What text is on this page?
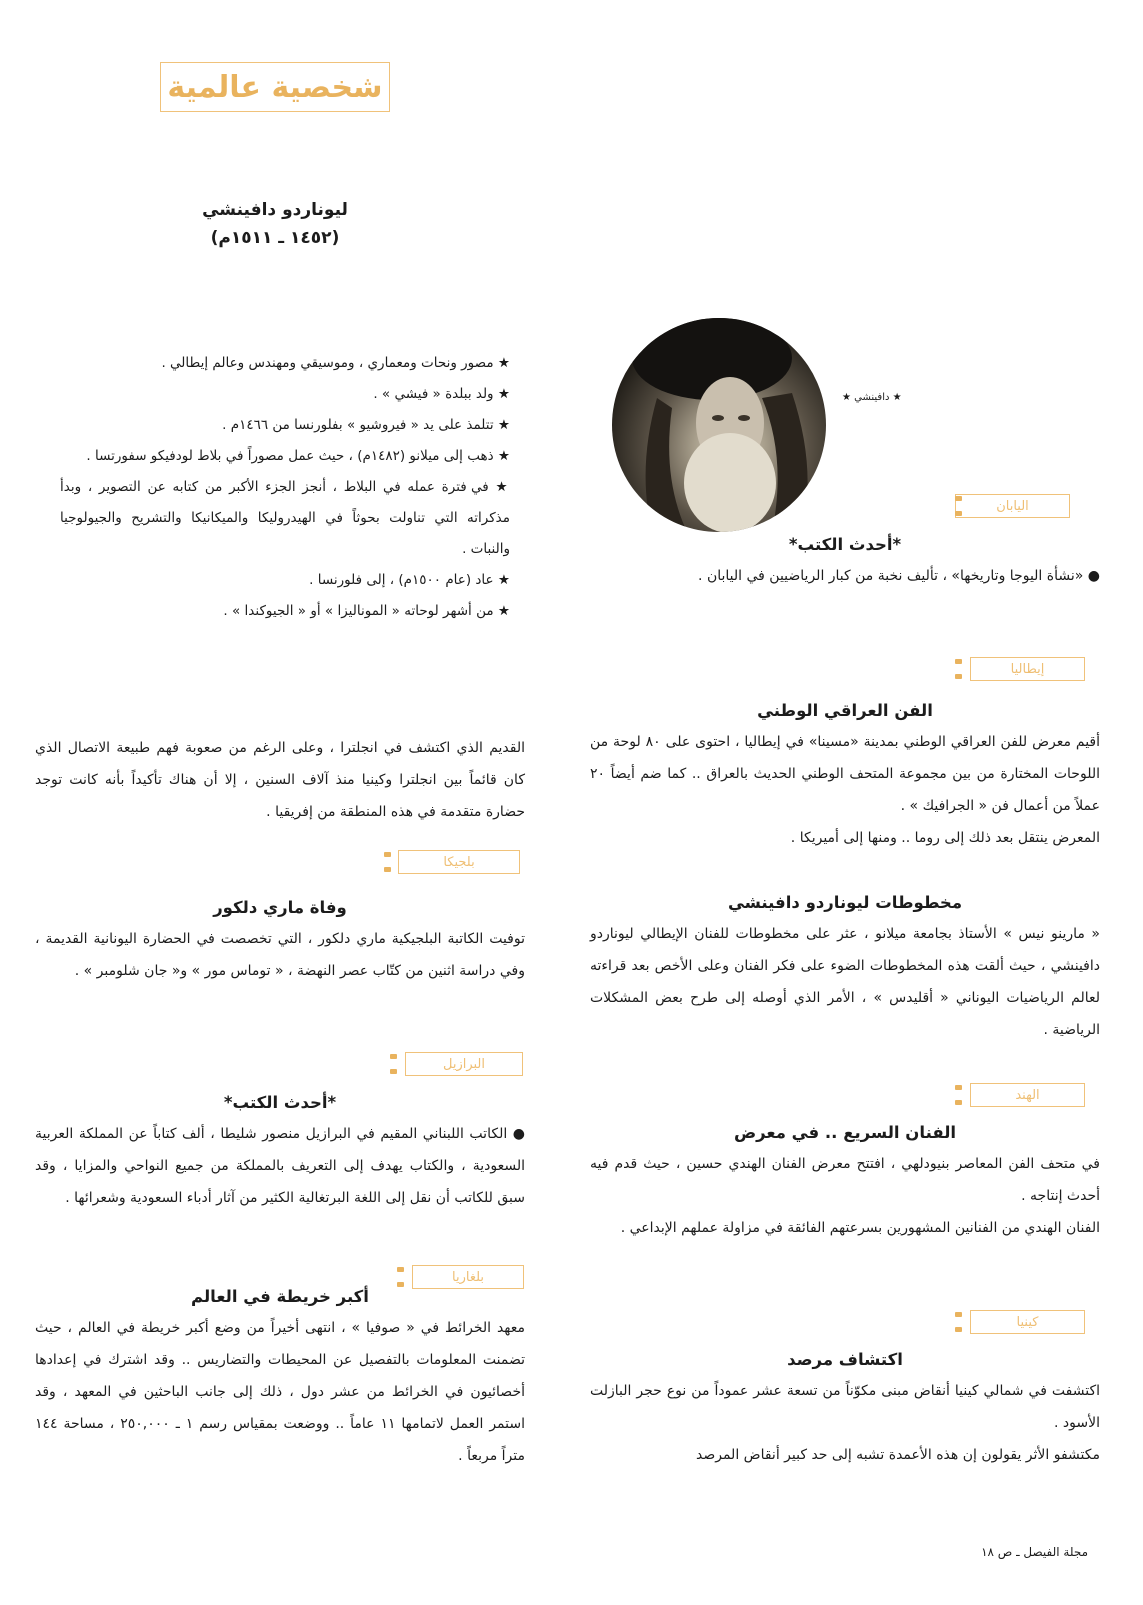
شخصية عالمية
ليوناردو دافينشي
(١٤٥٢ ـ ١٥١١م)
★ مصور ونحات ومعماري ، وموسيقي ومهندس وعالم إيطالي .
★ ولد ببلدة « فيشي » .
★ تتلمذ على يد « فيروشيو » بفلورنسا من ١٤٦٦م .
★ ذهب إلى ميلانو (١٤٨٢م) ، حيث عمل مصوراً في بلاط لودفيكو سفورتسا .
★ في فترة عمله في البلاط ، أنجز الجزء الأكبر من كتابه عن التصوير ، وبدأ مذكراته التي تناولت بحوثاً في الهيدروليكا والميكانيكا والتشريح والجيولوجيا والنبات .
★ عاد (عام ١٥٠٠م) ، إلى فلورنسا .
★ من أشهر لوحاته « الموناليزا » أو « الجيوكندا » .
★ دافينشي ★
اليابان
*أحدث الكتب*

● «نشأة اليوجا وتاريخها» ، تأليف نخبة من كبار الرياضيين في اليابان .

إيطاليا
الفن العراقي الوطني

أقيم معرض للفن العراقي الوطني بمدينة «مسينا» في إيطاليا ، احتوى على ٨٠ لوحة من اللوحات المختارة من بين مجموعة المتحف الوطني الحديث بالعراق .. كما ضم أيضاً ٢٠ عملاً من أعمال فن « الجرافيك » .

المعرض ينتقل بعد ذلك إلى روما .. ومنها إلى أميريكا .

مخطوطات ليوناردو دافينشي

« مارينو نيس » الأستاذ بجامعة ميلانو ، عثر على مخطوطات للفنان الإيطالي ليوناردو دافينشي ، حيث ألقت هذه المخطوطات الضوء على فكر الفنان وعلى الأخص بعد قراءته لعالم الرياضيات اليوناني « أقليدس » ، الأمر الذي أوصله إلى طرح بعض المشكلات الرياضية .

الهند
الفنان السريع .. في معرض

في متحف الفن المعاصر بنيودلهي ، افتتح معرض الفنان الهندي حسين ، حيث قدم فيه أحدث إنتاجه .

الفنان الهندي من الفنانين المشهورين بسرعتهم الفائقة في مزاولة عملهم الإبداعي .

كينيا
اكتشاف مرصد

اكتشفت في شمالي كينيا أنقاض مبنى مكوّناً من تسعة عشر عموداً من نوع حجر البازلت الأسود .

مكتشفو الأثر يقولون إن هذه الأعمدة تشبه إلى حد كبير أنقاض المرصد

القديم الذي اكتشف في انجلترا ، وعلى الرغم من صعوبة فهم طبيعة الاتصال الذي كان قائماً بين انجلترا وكينيا منذ آلاف السنين ، إلا أن هناك تأكيداً بأنه كانت توجد حضارة متقدمة في هذه المنطقة من إفريقيا .

بلجيكا
وفاة ماري دلكور

توفيت الكاتبة البلجيكية ماري دلكور ، التي تخصصت في الحضارة اليونانية القديمة ، وفي دراسة اثنين من كتّاب عصر النهضة ، « توماس مور » و« جان شلومبر » .

البرازيل
*أحدث الكتب*

● الكاتب اللبناني المقيم في البرازيل منصور شليطا ، ألف كتاباً عن المملكة العربية السعودية ، والكتاب يهدف إلى التعريف بالمملكة من جميع النواحي والمزايا ، وقد سبق للكاتب أن نقل إلى اللغة البرتغالية الكثير من آثار أدباء السعودية وشعرائها .

بلغاريا
أكبر خريطة في العالم

معهد الخرائط في « صوفيا » ، انتهى أخيراً من وضع أكبر خريطة في العالم ، حيث تضمنت المعلومات بالتفصيل عن المحيطات والتضاريس .. وقد اشترك في إعدادها أخصائيون في الخرائط من عشر دول ، ذلك إلى جانب الباحثين في المعهد ، وقد استمر العمل لاتمامها ١١ عاماً .. ووضعت بمقياس رسم ١ ـ ٢٥٠,٠٠٠ ، مساحة ١٤٤ متراً مربعاً .

مجلة الفيصل ـ ص ١٨
